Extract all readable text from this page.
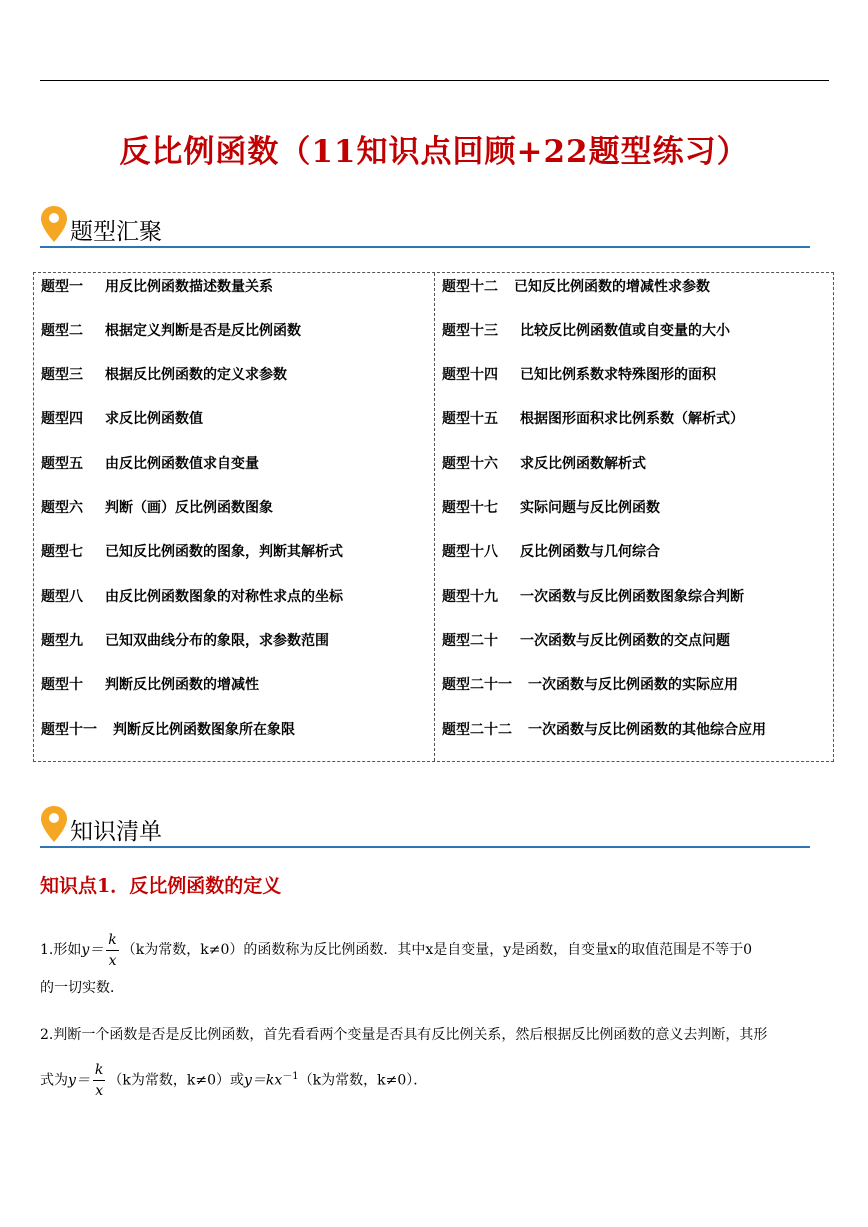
反比例函数（11知识点回顾+22题型练习）
题型汇聚
题型一 用反比例函数描述数量关系
题型二 根据定义判断是否是反比例函数
题型三 根据反比例函数的定义求参数
题型四 求反比例函数值
题型五 由反比例函数值求自变量
题型六 判断（画）反比例函数图象
题型七 已知反比例函数的图象，判断其解析式
题型八 由反比例函数图象的对称性求点的坐标
题型九 已知双曲线分布的象限，求参数范围
题型十 判断反比例函数的增减性
题型十一 判断反比例函数图象所在象限
题型十二 已知反比例函数的增减性求参数
题型十三 比较反比例函数值或自变量的大小
题型十四 已知比例系数求特殊图形的面积
题型十五 根据图形面积求比例系数（解析式）
题型十六 求反比例函数解析式
题型十七 实际问题与反比例函数
题型十八 反比例函数与几何综合
题型十九 一次函数与反比例函数图象综合判断
题型二十 一次函数与反比例函数的交点问题
题型二十一 一次函数与反比例函数的实际应用
题型二十二 一次函数与反比例函数的其他综合应用
知识清单
知识点1．反比例函数的定义
1.形如$y= \frac{k}{x} (k$为常数，k≠0）的函数称为反比例函数．其中x是自变量，y是函数，自变量x的取值范围是不等于0
的一切实数．
2.判断一个函数是否是反比例函数，首先看看两个变量是否具有反比例关系，然后根据反比例函数的意义去判断，其形
式为$y= \frac{k}{x} (k$为常数，k≠0）或$y=kx^{-1}(k$为常数，k≠0）．
